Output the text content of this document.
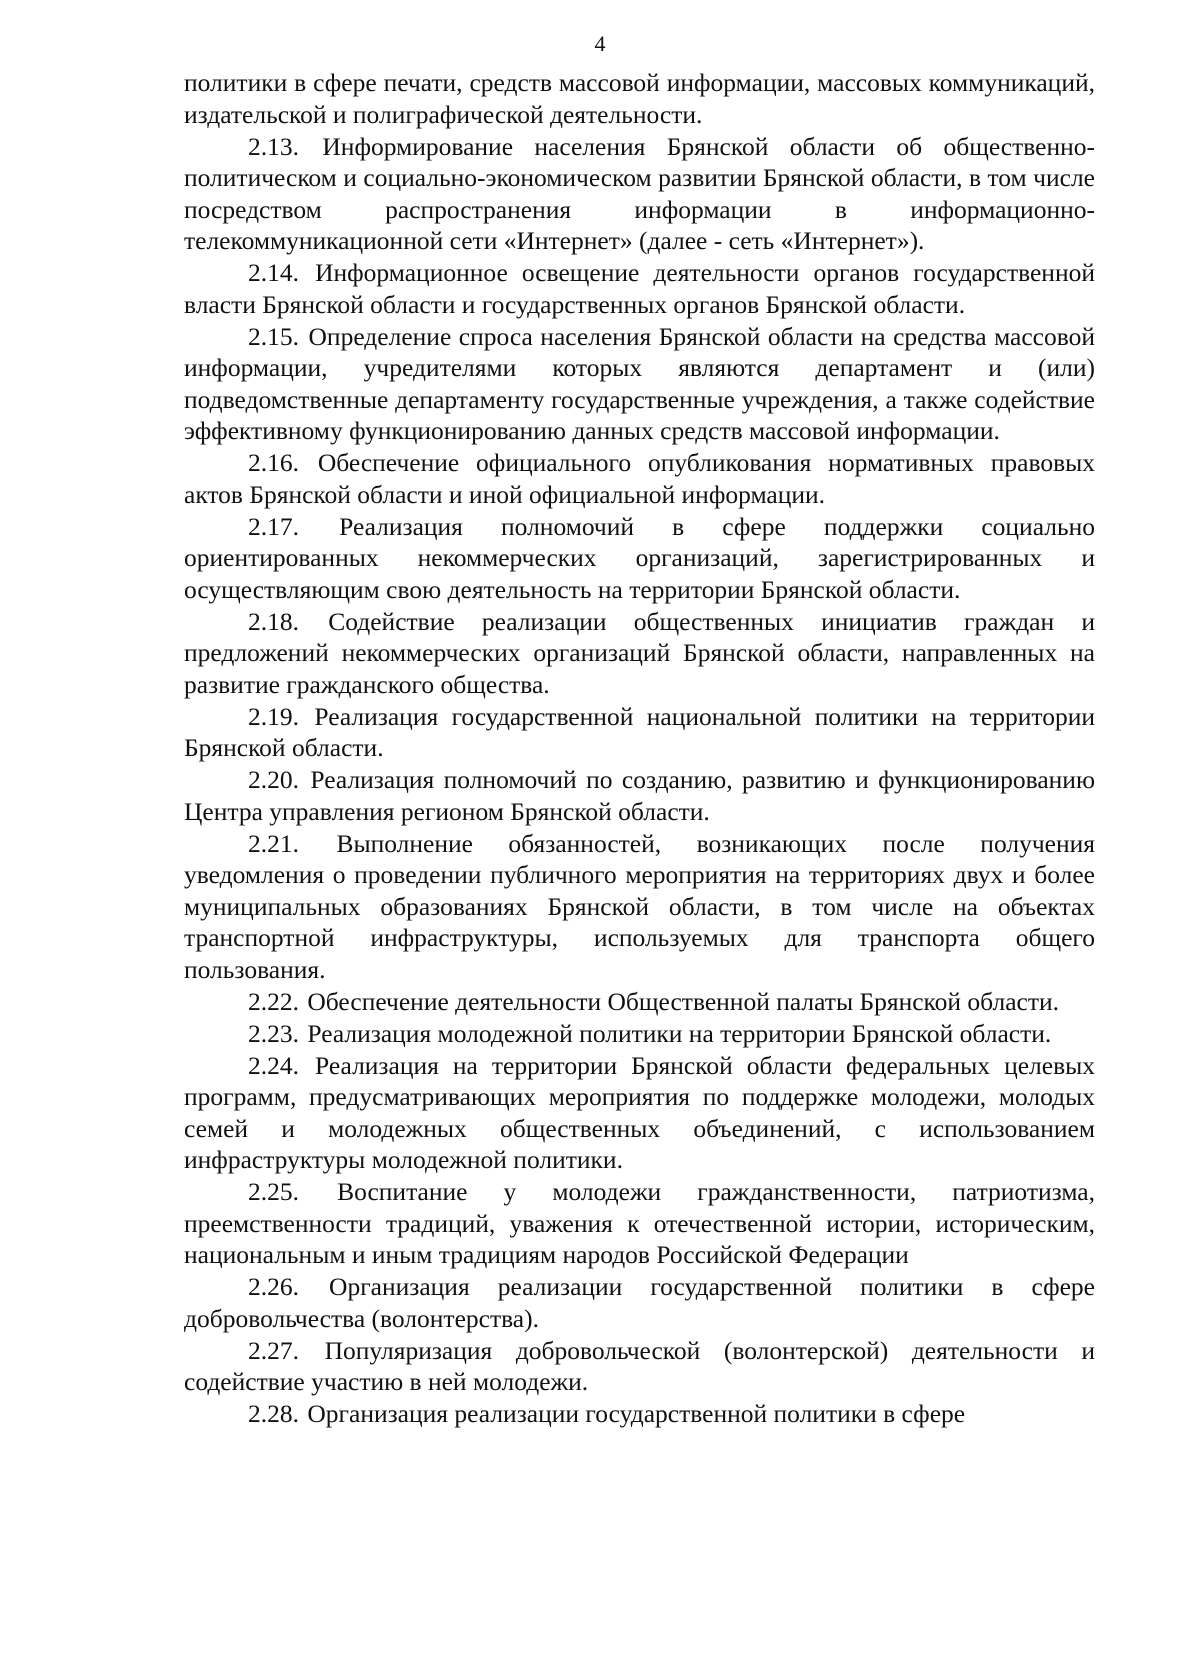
4

политики в сфере печати, средств массовой информации, массовых коммуникаций, издательской и полиграфической деятельности.

2.13. Информирование населения Брянской области об общественно-политическом и социально-экономическом развитии Брянской области, в том числе посредством распространения информации в информационно-телекоммуникационной сети «Интернет» (далее - сеть «Интернет»).

2.14. Информационное освещение деятельности органов государственной власти Брянской области и государственных органов Брянской области.

2.15. Определение спроса населения Брянской области на средства массовой информации, учредителями которых являются департамент и (или) подведомственные департаменту государственные учреждения, а также содействие эффективному функционированию данных средств массовой информации.

2.16. Обеспечение официального опубликования нормативных правовых актов Брянской области и иной официальной информации.

2.17. Реализация полномочий в сфере поддержки социально ориентированных некоммерческих организаций, зарегистрированных и осуществляющим свою деятельность на территории Брянской области.

2.18. Содействие реализации общественных инициатив граждан и предложений некоммерческих организаций Брянской области, направленных на развитие гражданского общества.

2.19. Реализация государственной национальной политики на территории Брянской области.

2.20. Реализация полномочий по созданию, развитию и функционированию Центра управления регионом Брянской области.

2.21. Выполнение обязанностей, возникающих после получения уведомления о проведении публичного мероприятия на территориях двух и более муниципальных образованиях Брянской области, в том числе на объектах транспортной инфраструктуры, используемых для транспорта общего пользования.

2.22. Обеспечение деятельности Общественной палаты Брянской области.

2.23. Реализация молодежной политики на территории Брянской области.

2.24. Реализация на территории Брянской области федеральных целевых программ, предусматривающих мероприятия по поддержке молодежи, молодых семей и молодежных общественных объединений, с использованием инфраструктуры молодежной политики.

2.25. Воспитание у молодежи гражданственности, патриотизма, преемственности традиций, уважения к отечественной истории, историческим, национальным и иным традициям народов Российской Федерации

2.26. Организация реализации государственной политики в сфере добровольчества (волонтерства).

2.27. Популяризация добровольческой (волонтерской) деятельности и содействие участию в ней молодежи.

2.28. Организация реализации государственной политики в сфере
